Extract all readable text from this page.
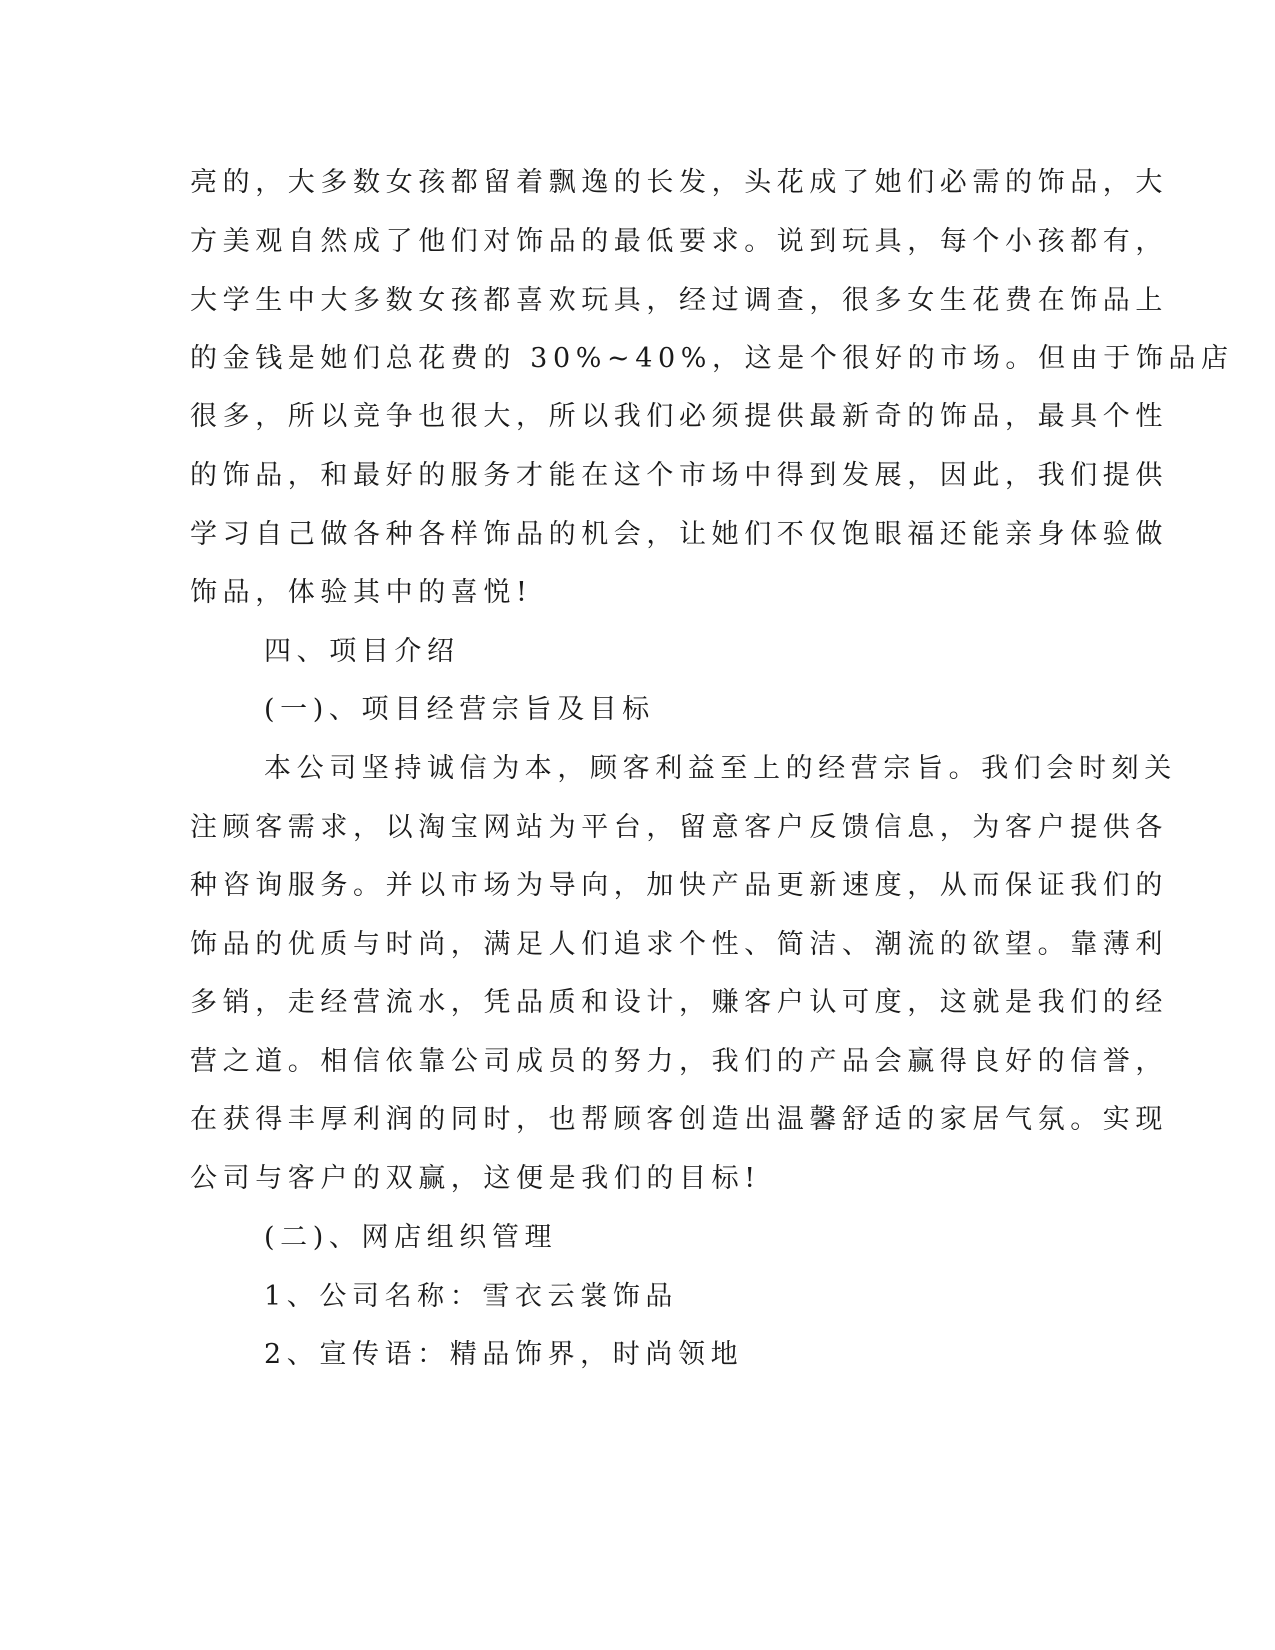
亮的，大多数女孩都留着飘逸的长发，头花成了她们必需的饰品，大
方美观自然成了他们对饰品的最低要求。说到玩具，每个小孩都有，
大学生中大多数女孩都喜欢玩具，经过调查，很多女生花费在饰品上
的金钱是她们总花费的 30%~40%，这是个很好的市场。但由于饰品店
很多，所以竞争也很大，所以我们必须提供最新奇的饰品，最具个性
的饰品，和最好的服务才能在这个市场中得到发展，因此，我们提供
学习自己做各种各样饰品的机会，让她们不仅饱眼福还能亲身体验做
饰品，体验其中的喜悦!
四、项目介绍
(一)、项目经营宗旨及目标
本公司坚持诚信为本，顾客利益至上的经营宗旨。我们会时刻关
注顾客需求，以淘宝网站为平台，留意客户反馈信息，为客户提供各
种咨询服务。并以市场为导向，加快产品更新速度，从而保证我们的
饰品的优质与时尚，满足人们追求个性、简洁、潮流的欲望。靠薄利
多销，走经营流水，凭品质和设计，赚客户认可度，这就是我们的经
营之道。相信依靠公司成员的努力，我们的产品会赢得良好的信誉，
在获得丰厚利润的同时，也帮顾客创造出温馨舒适的家居气氛。实现
公司与客户的双赢，这便是我们的目标!
(二)、网店组织管理
1、公司名称：雪衣云裳饰品
2、宣传语：精品饰界，时尚领地
